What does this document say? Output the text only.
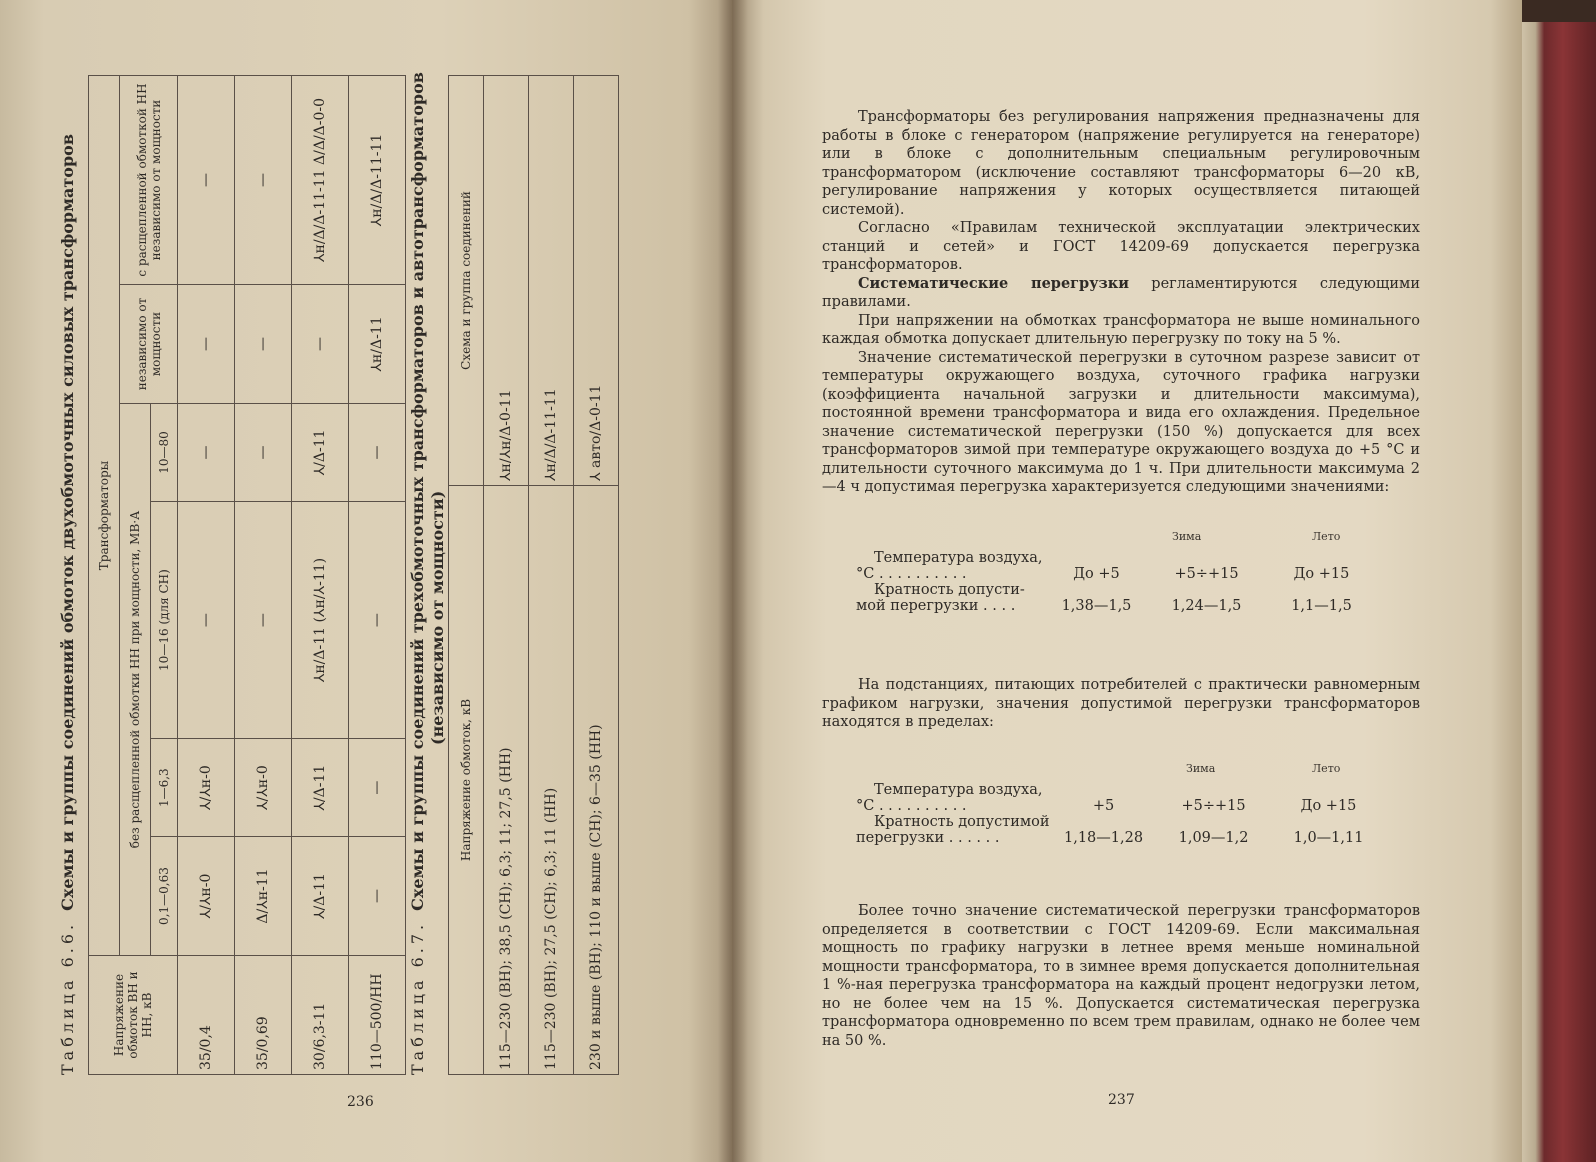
Таблица 6.6.Схемы и группы соединений обмоток двухобмоточных силовых трансформаторов
Напряжение обмоток ВН и НН, кВ	Трансформаторы					
	без расщепленной обмотки НН при мощности, МВ·А				независимо от мощности	с расщепленной обмоткой НН независимо от мощности
	0,1—0,63	1—6,3	10—16 (для СН)	10—80		
35/0,4	⅄/⅄н-0	⅄/⅄н-0	—	—	—	—
35/0,69	Δ/⅄н-11	⅄/⅄н-0	—	—	—	—
30/6,3-11	⅄/Δ-11	⅄/Δ-11	⅄н/Δ-11 (⅄н/⅄-11)	⅄/Δ-11	—	⅄н/Δ/Δ-11-11 Δ/Δ/Δ-0-0
110—500/НН	—	—	—	—	⅄н/Δ-11	⅄н/Δ/Δ-11-11
Таблица 6.7.Схемы и группы соединений трехобмоточных трансформаторов и автотрансформаторов (независимо от мощности)
Напряжение обмоток, кВ	Схема и группа соединений
115—230 (ВН); 38,5 (СН); 6,3; 11; 27,5 (НН)	⅄н/⅄н/Δ-0-11
115—230 (ВН); 27,5 (СН); 6,3; 11 (НН)	⅄н/Δ/Δ-11-11
230 и выше (ВН); 110 и выше (СН); 6—35 (НН)	⅄ авто/Δ-0-11
236

Трансформаторы без регулирования напряжения предназначены для работы в блоке с генератором (напряжение регулируется на генераторе) или в блоке с дополнительным специальным регулировочным трансформатором (исключение составляют трансформаторы 6—20 кВ, регулирование напряжения у которых осуществляется питающей системой).

Согласно «Правилам технической эксплуатации электрических станций и сетей» и ГОСТ 14209-69 допускается перегрузка трансформаторов.

Систематические перегрузки регламентируются следующими правилами.

При напряжении на обмотках трансформатора не выше номинального каждая обмотка допускает длительную перегрузку по току на 5 %.

Значение систематической перегрузки в суточном разрезе зависит от температуры окружающего воздуха, суточного графика нагрузки (коэффициента начальной загрузки и длительности максимума), постоянной времени трансформатора и вида его охлаждения. Предельное значение систематической перегрузки (150 %) допускается для всех трансформаторов зимой при температуре окружающего воздуха до +5 °С и длительности суточного максимума до 1 ч. При длительности максимума 2—4 ч допустимая перегрузка характеризуется следующими значениями:

Зима	Лето
Температура воздуха,			
°С . . . . . . . . . .	До +5	+5÷+15	До +15
Кратность допусти-			
мой перегрузки . . . .	1,38—1,5	1,24—1,5	1,1—1,5

На подстанциях, питающих потребителей с практически равномерным графиком нагрузки, значения допустимой перегрузки трансформаторов находятся в пределах:

Зима	Лето
Температура воздуха,			
°С . . . . . . . . . .	+5	+5÷+15	До +15
Кратность допустимой			
перегрузки . . . . . .	1,18—1,28	1,09—1,2	1,0—1,11

Более точно значение систематической перегрузки трансформаторов определяется в соответствии с ГОСТ 14209-69. Если максимальная мощность по графику нагрузки в летнее время меньше номинальной мощности трансформатора, то в зимнее время допускается дополнительная 1 %-ная перегрузка трансформатора на каждый процент недогрузки летом, но не более чем на 15 %. Допускается систематическая перегрузка трансформатора одновременно по всем трем правилам, однако не более чем на 50 %.

237
